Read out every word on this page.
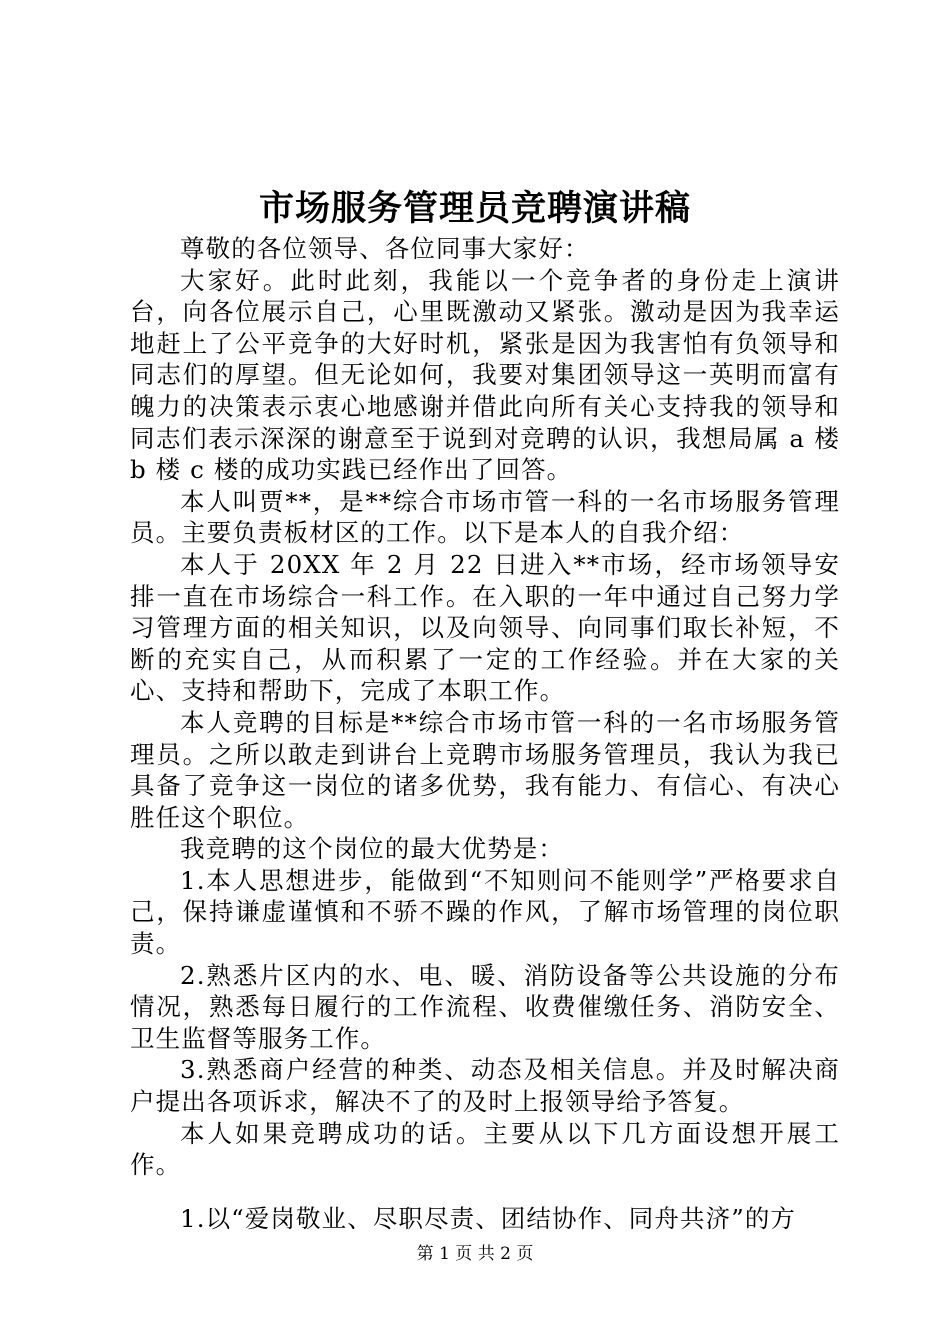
市场服务管理员竞聘演讲稿

尊敬的各位领导、各位同事大家好：

大家好。此时此刻，我能以一个竞争者的身份走上演讲台，向各位展示自己，心里既激动又紧张。激动是因为我幸运地赶上了公平竞争的大好时机，紧张是因为我害怕有负领导和同志们的厚望。但无论如何，我要对集团领导这一英明而富有魄力的决策表示衷心地感谢并借此向所有关心支持我的领导和同志们表示深深的谢意至于说到对竞聘的认识，我想局属 a 楼 b 楼 c 楼的成功实践已经作出了回答。

本人叫贾**，是**综合市场市管一科的一名市场服务管理员。主要负责板材区的工作。以下是本人的自我介绍：

本人于 20XX 年 2 月 22 日进入**市场，经市场领导安排一直在市场综合一科工作。在入职的一年中通过自己努力学习管理方面的相关知识，以及向领导、向同事们取长补短，不断的充实自己，从而积累了一定的工作经验。并在大家的关心、支持和帮助下，完成了本职工作。

本人竞聘的目标是**综合市场市管一科的一名市场服务管理员。之所以敢走到讲台上竞聘市场服务管理员，我认为我已具备了竞争这一岗位的诸多优势，我有能力、有信心、有决心胜任这个职位。

我竞聘的这个岗位的最大优势是：

1.本人思想进步，能做到“不知则问不能则学”严格要求自己，保持谦虚谨慎和不骄不躁的作风，了解市场管理的岗位职责。

2.熟悉片区内的水、电、暖、消防设备等公共设施的分布情况，熟悉每日履行的工作流程、收费催缴任务、消防安全、卫生监督等服务工作。

3.熟悉商户经营的种类、动态及相关信息。并及时解决商户提出各项诉求，解决不了的及时上报领导给予答复。

本人如果竞聘成功的话。主要从以下几方面设想开展工作。

1.以“爱岗敬业、尽职尽责、团结协作、同舟共济”的方

第 1 页 共 2 页
